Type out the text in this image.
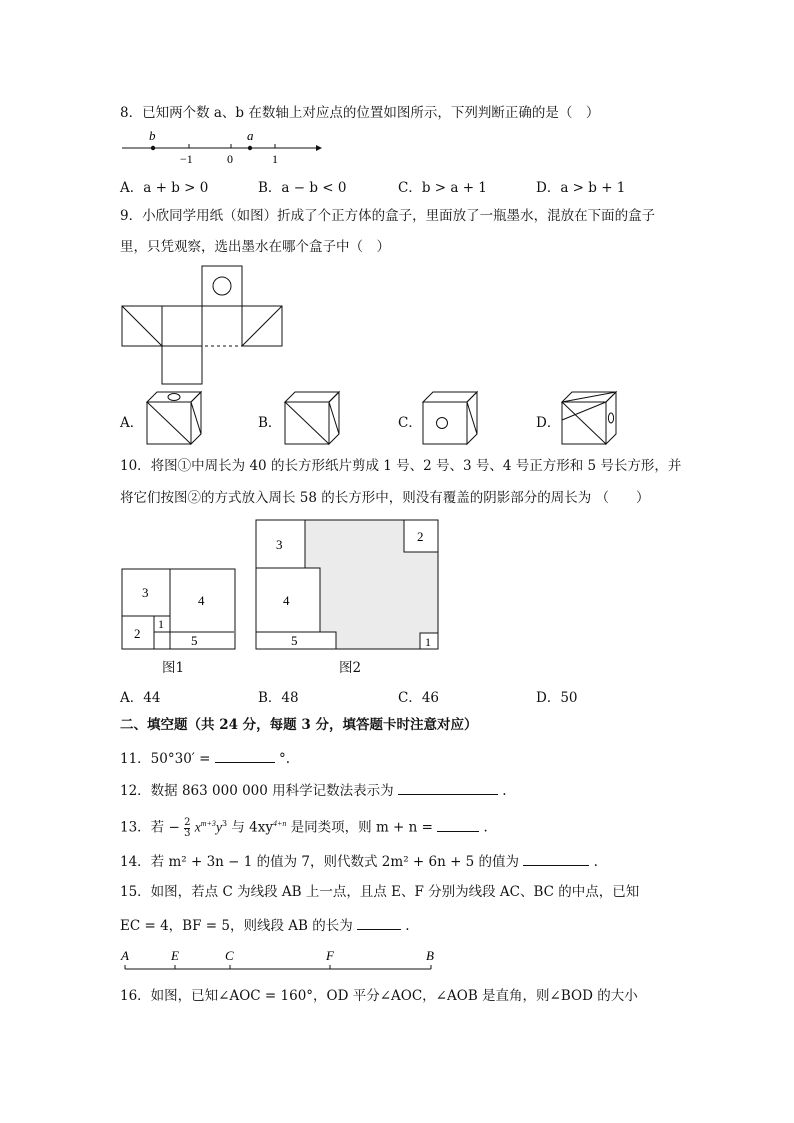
8．已知两个数 a、b 在数轴上对应点的位置如图所示，下列判断正确的是（　）
b	a
−1	0	1
A．a + b > 0	B．a − b < 0	C．b > a + 1	D．a > b + 1
9．小欣同学用纸（如图）折成了个正方体的盒子，里面放了一瓶墨水，混放在下面的盒子
里，只凭观察，选出墨水在哪个盒子中（　）
A．	B．	C．	D．
10．将图①中周长为 40 的长方形纸片剪成 1 号、2 号、3 号、4 号正方形和 5 号长方形，并
将它们按图②的方式放入周长 58 的长方形中，则没有覆盖的阴影部分的周长为 （　　）
3
4
2
1
5
图1
3
2
4
5	1
图2
A．44	B．48	C．46	D．50
二、填空题（共 24 分，每题 3 分，填答题卡时注意对应）
11．50°30′ =	°.
12．数据 863 000 000 用科学记数法表示为	.
13．若 − $\frac{2}{3} x^{m+3}y^3$ 与 $4xy^{4+n}$ 是同类项，则 m + n =	.
14．若 m² + 3n − 1 的值为 7，则代数式 2m² + 6n + 5 的值为	.
15．如图，若点 C 为线段 AB 上一点，且点 E、F 分别为线段 AC、BC 的中点，已知
EC = 4，BF = 5，则线段 AB 的长为	.
A	E	C	F	B
16．如图，已知∠AOC = 160°，OD 平分∠AOC，∠AOB 是直角，则∠BOD 的大小
